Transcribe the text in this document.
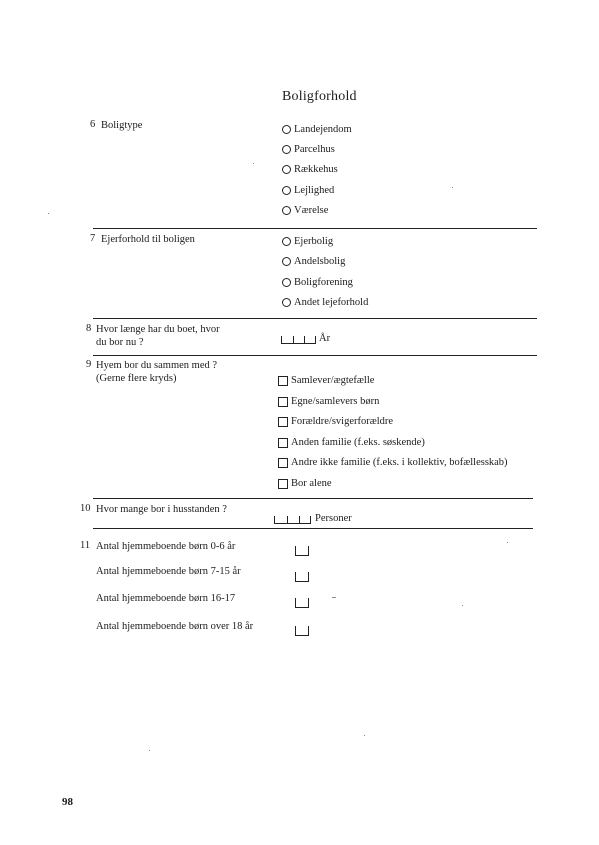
Boligforhold
6 Boligtype	Landejendom
Parcelhus
Rækkehus
Lejlighed
Værelse
7 Ejerforhold til boligen	Ejerbolig
Andelsbolig
Boligforening
Andet lejeforhold
8 Hvor længe har du boet, hvor
du bor nu ?	År
9 Hyem bor du sammen med ?
(Gerne flere kryds)	Samlever/ægtefælle
Egne/samlevers børn
Forældre/svigerforældre
Anden familie (f.eks. søskende)
Andre ikke familie (f.eks. i kollektiv, bofællesskab)
Bor alene
10 Hvor mange bor i husstanden ?
Personer
11 Antal hjemmeboende børn 0-6 år
Antal hjemmeboende børn 7-15 år
Antal hjemmeboende børn 16-17
Antal hjemmeboende børn over 18 år
98
